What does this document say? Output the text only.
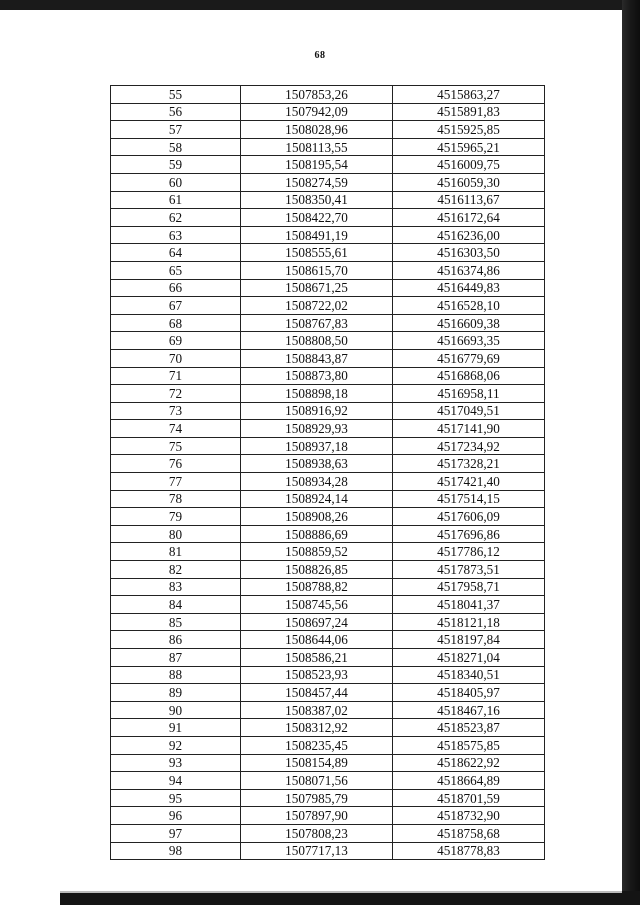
68
55	1507853,26	4515863,27
56	1507942,09	4515891,83
57	1508028,96	4515925,85
58	1508113,55	4515965,21
59	1508195,54	4516009,75
60	1508274,59	4516059,30
61	1508350,41	4516113,67
62	1508422,70	4516172,64
63	1508491,19	4516236,00
64	1508555,61	4516303,50
65	1508615,70	4516374,86
66	1508671,25	4516449,83
67	1508722,02	4516528,10
68	1508767,83	4516609,38
69	1508808,50	4516693,35
70	1508843,87	4516779,69
71	1508873,80	4516868,06
72	1508898,18	4516958,11
73	1508916,92	4517049,51
74	1508929,93	4517141,90
75	1508937,18	4517234,92
76	1508938,63	4517328,21
77	1508934,28	4517421,40
78	1508924,14	4517514,15
79	1508908,26	4517606,09
80	1508886,69	4517696,86
81	1508859,52	4517786,12
82	1508826,85	4517873,51
83	1508788,82	4517958,71
84	1508745,56	4518041,37
85	1508697,24	4518121,18
86	1508644,06	4518197,84
87	1508586,21	4518271,04
88	1508523,93	4518340,51
89	1508457,44	4518405,97
90	1508387,02	4518467,16
91	1508312,92	4518523,87
92	1508235,45	4518575,85
93	1508154,89	4518622,92
94	1508071,56	4518664,89
95	1507985,79	4518701,59
96	1507897,90	4518732,90
97	1507808,23	4518758,68
98	1507717,13	4518778,83
